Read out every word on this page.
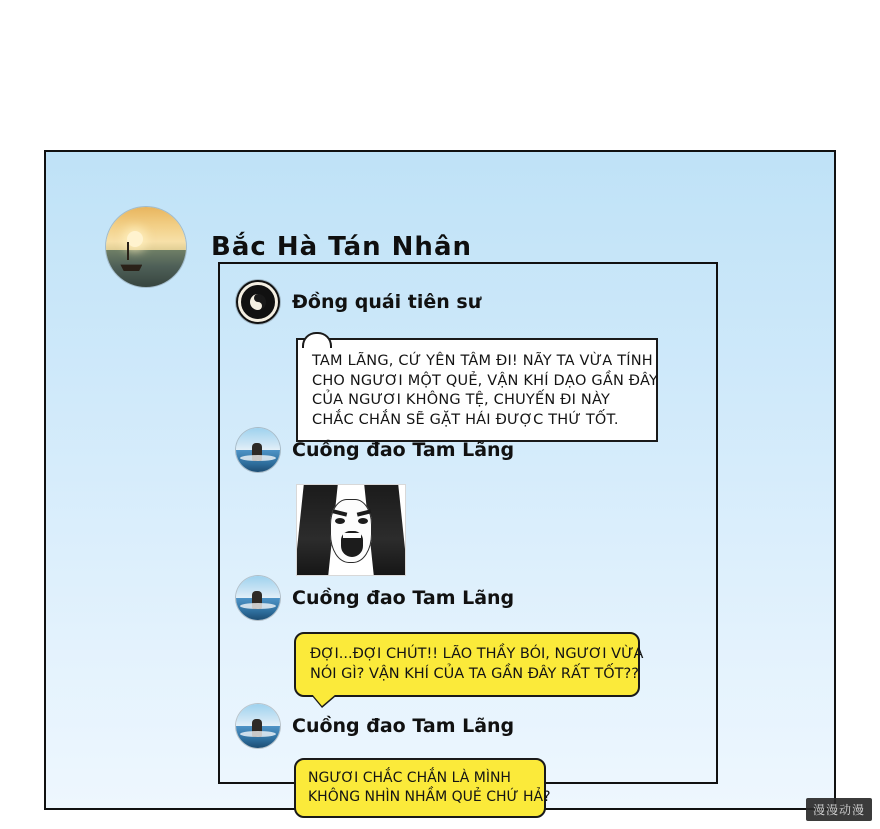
Bắc Hà Tán Nhân
Đồng quái tiên sư
TAM LÃNG, CỨ YÊN TÂM ĐI! NÃY TA VỪA TÍNH
CHO NGƯƠI MỘT QUẺ, VẬN KHÍ DẠO GẦN ĐÂY
CỦA NGƯƠI KHÔNG TỆ, CHUYẾN ĐI NÀY
CHẮC CHẮN SẼ GẶT HÁI ĐƯỢC THỨ TỐT.
Cuồng đao Tam Lãng
Cuồng đao Tam Lãng
ĐỢI...ĐỢI CHÚT!! LÃO THẦY BÓI, NGƯƠI VỪA
NÓI GÌ? VẬN KHÍ CỦA TA GẦN ĐÂY RẤT TỐT??
Cuồng đao Tam Lãng
NGƯƠI CHẮC CHẮN LÀ MÌNH
KHÔNG NHÌN NHẦM QUẺ CHỨ HẢ?
漫漫动漫
